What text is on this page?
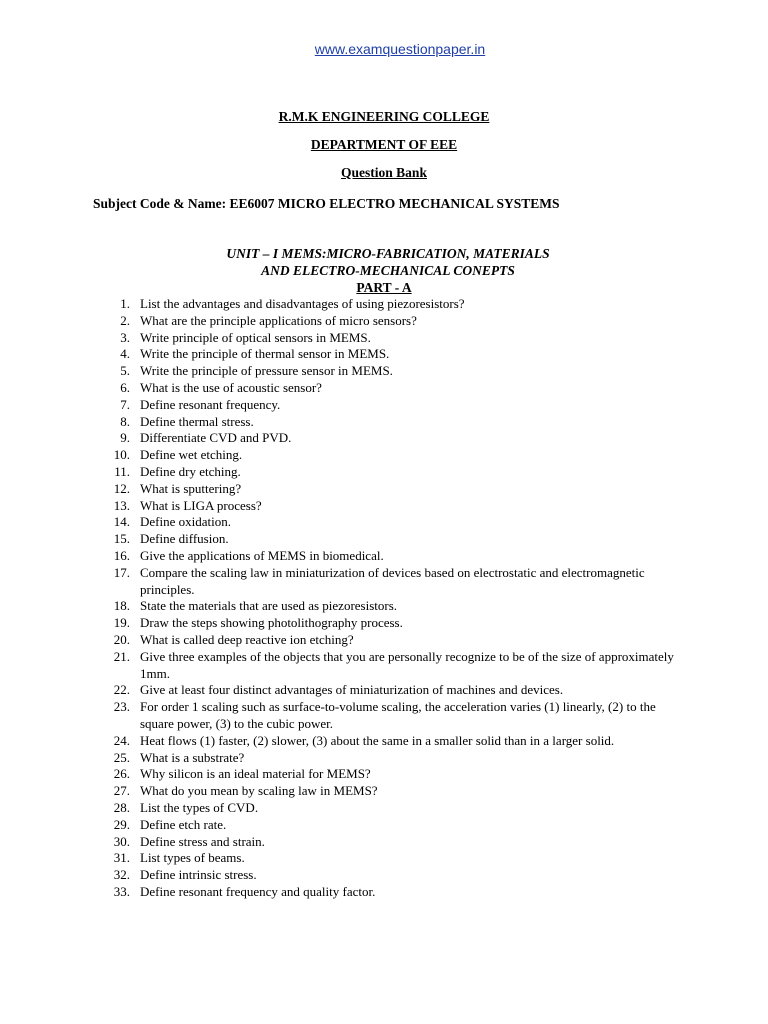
www.examquestionpaper.in
R.M.K ENGINEERING COLLEGE
DEPARTMENT OF EEE
Question Bank
Subject Code & Name: EE6007 MICRO ELECTRO MECHANICAL SYSTEMS
UNIT – I MEMS:MICRO-FABRICATION, MATERIALS
AND ELECTRO-MECHANICAL CONEPTS
PART - A
1. List the advantages and disadvantages of using piezoresistors?
2. What are the principle applications of micro sensors?
3. Write principle of optical sensors in MEMS.
4. Write the principle of thermal sensor in MEMS.
5. Write the principle of pressure sensor in MEMS.
6. What is the use of acoustic sensor?
7. Define resonant frequency.
8. Define thermal stress.
9. Differentiate CVD and PVD.
10. Define wet etching.
11. Define dry etching.
12. What is sputtering?
13. What is LIGA process?
14. Define oxidation.
15. Define diffusion.
16. Give the applications of MEMS in biomedical.
17. Compare the scaling law in miniaturization of devices based on electrostatic and electromagnetic principles.
18. State the materials that are used as piezoresistors.
19. Draw the steps showing photolithography process.
20. What is called deep reactive ion etching?
21. Give three examples of the objects that you are personally recognize to be of the size of approximately 1mm.
22. Give at least four distinct advantages of miniaturization of machines and devices.
23. For order 1 scaling such as surface-to-volume scaling, the acceleration varies (1) linearly, (2) to the square power, (3) to the cubic power.
24. Heat flows (1) faster, (2) slower, (3) about the same in a smaller solid than in a larger solid.
25. What is a substrate?
26. Why silicon is an ideal material for MEMS?
27. What do you mean by scaling law in MEMS?
28. List the types of CVD.
29. Define etch rate.
30. Define stress and strain.
31. List types of beams.
32. Define intrinsic stress.
33. Define resonant frequency and quality factor.
